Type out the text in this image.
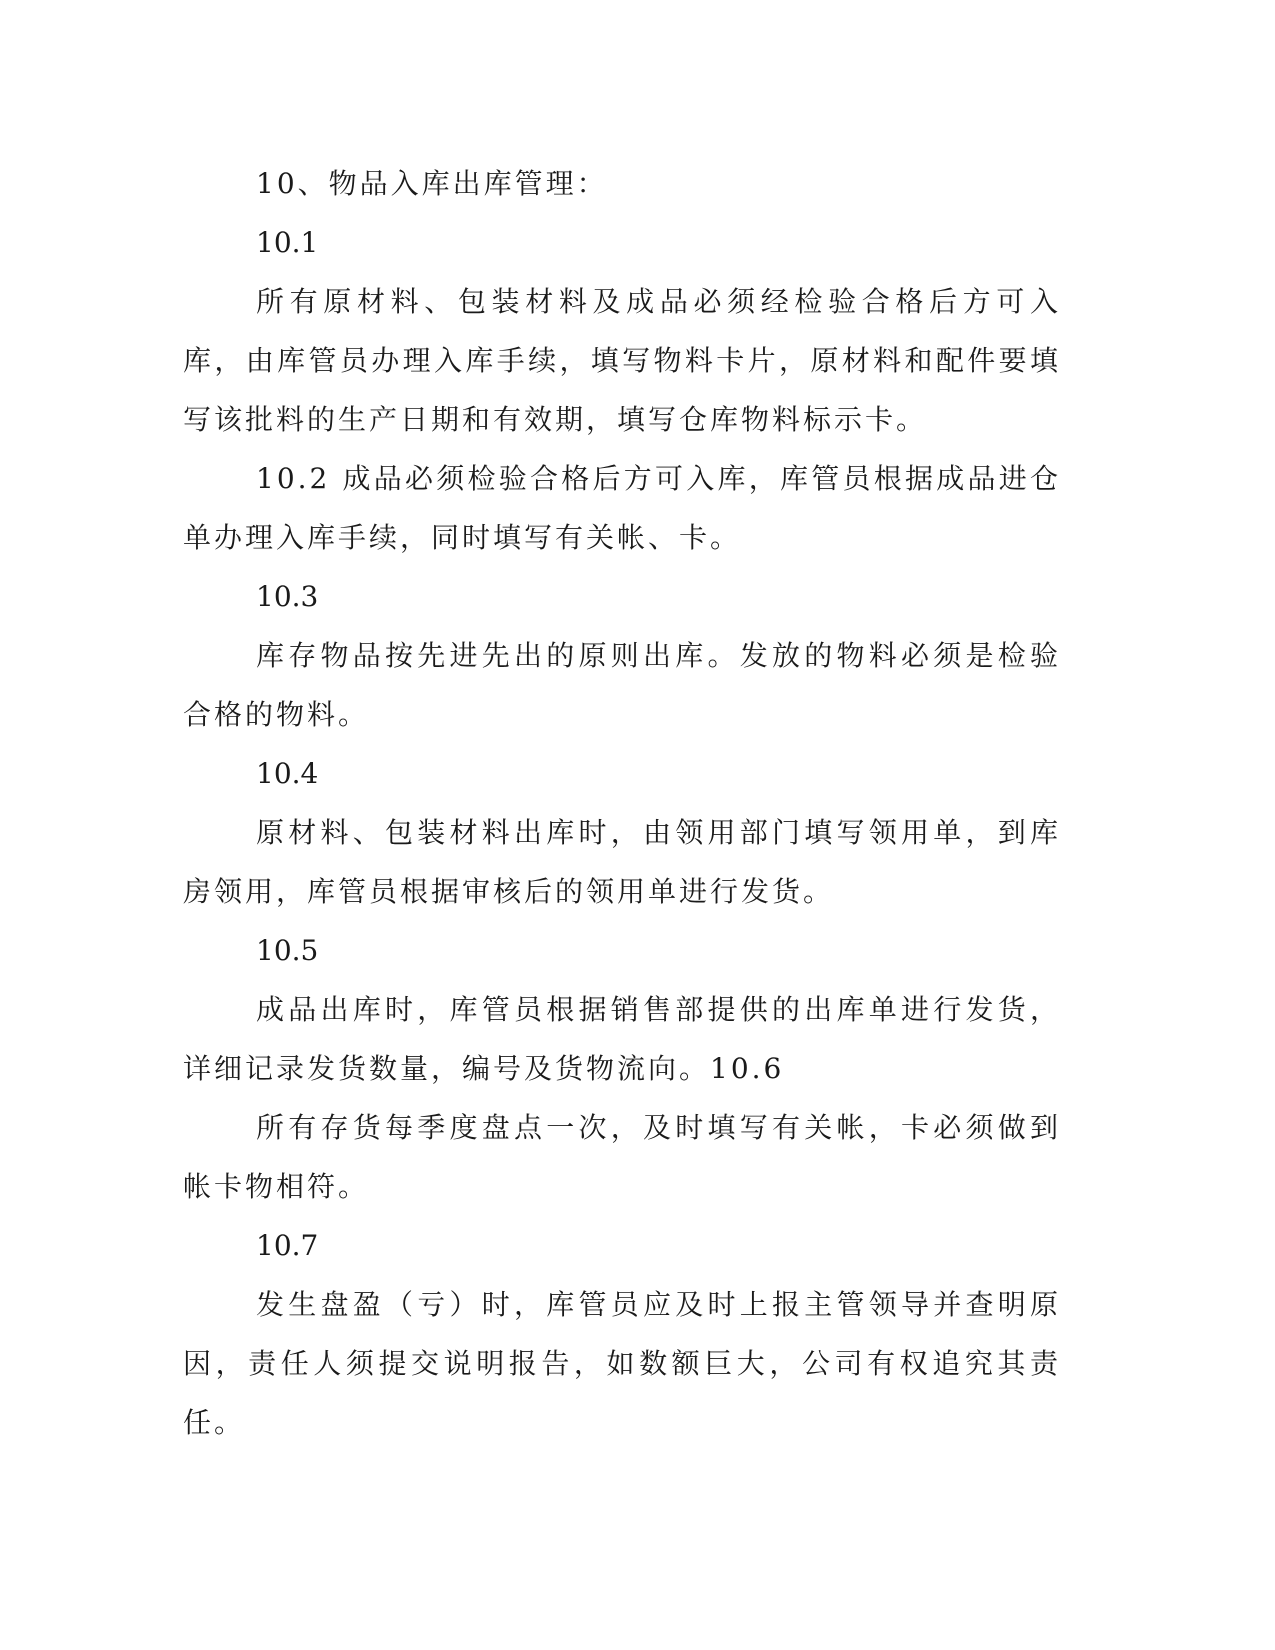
10、物品入库出库管理：

10.1

所有原材料、包装材料及成品必须经检验合格后方可入库，由库管员办理入库手续，填写物料卡片，原材料和配件要填写该批料的生产日期和有效期，填写仓库物料标示卡。

10.2 成品必须检验合格后方可入库，库管员根据成品进仓单办理入库手续，同时填写有关帐、卡。

10.3

库存物品按先进先出的原则出库。发放的物料必须是检验合格的物料。

10.4

原材料、包装材料出库时，由领用部门填写领用单，到库房领用，库管员根据审核后的领用单进行发货。

10.5

成品出库时，库管员根据销售部提供的出库单进行发货，详细记录发货数量，编号及货物流向。10.6

所有存货每季度盘点一次，及时填写有关帐，卡必须做到帐卡物相符。

10.7

发生盘盈（亏）时，库管员应及时上报主管领导并查明原因，责任人须提交说明报告，如数额巨大，公司有权追究其责任。
